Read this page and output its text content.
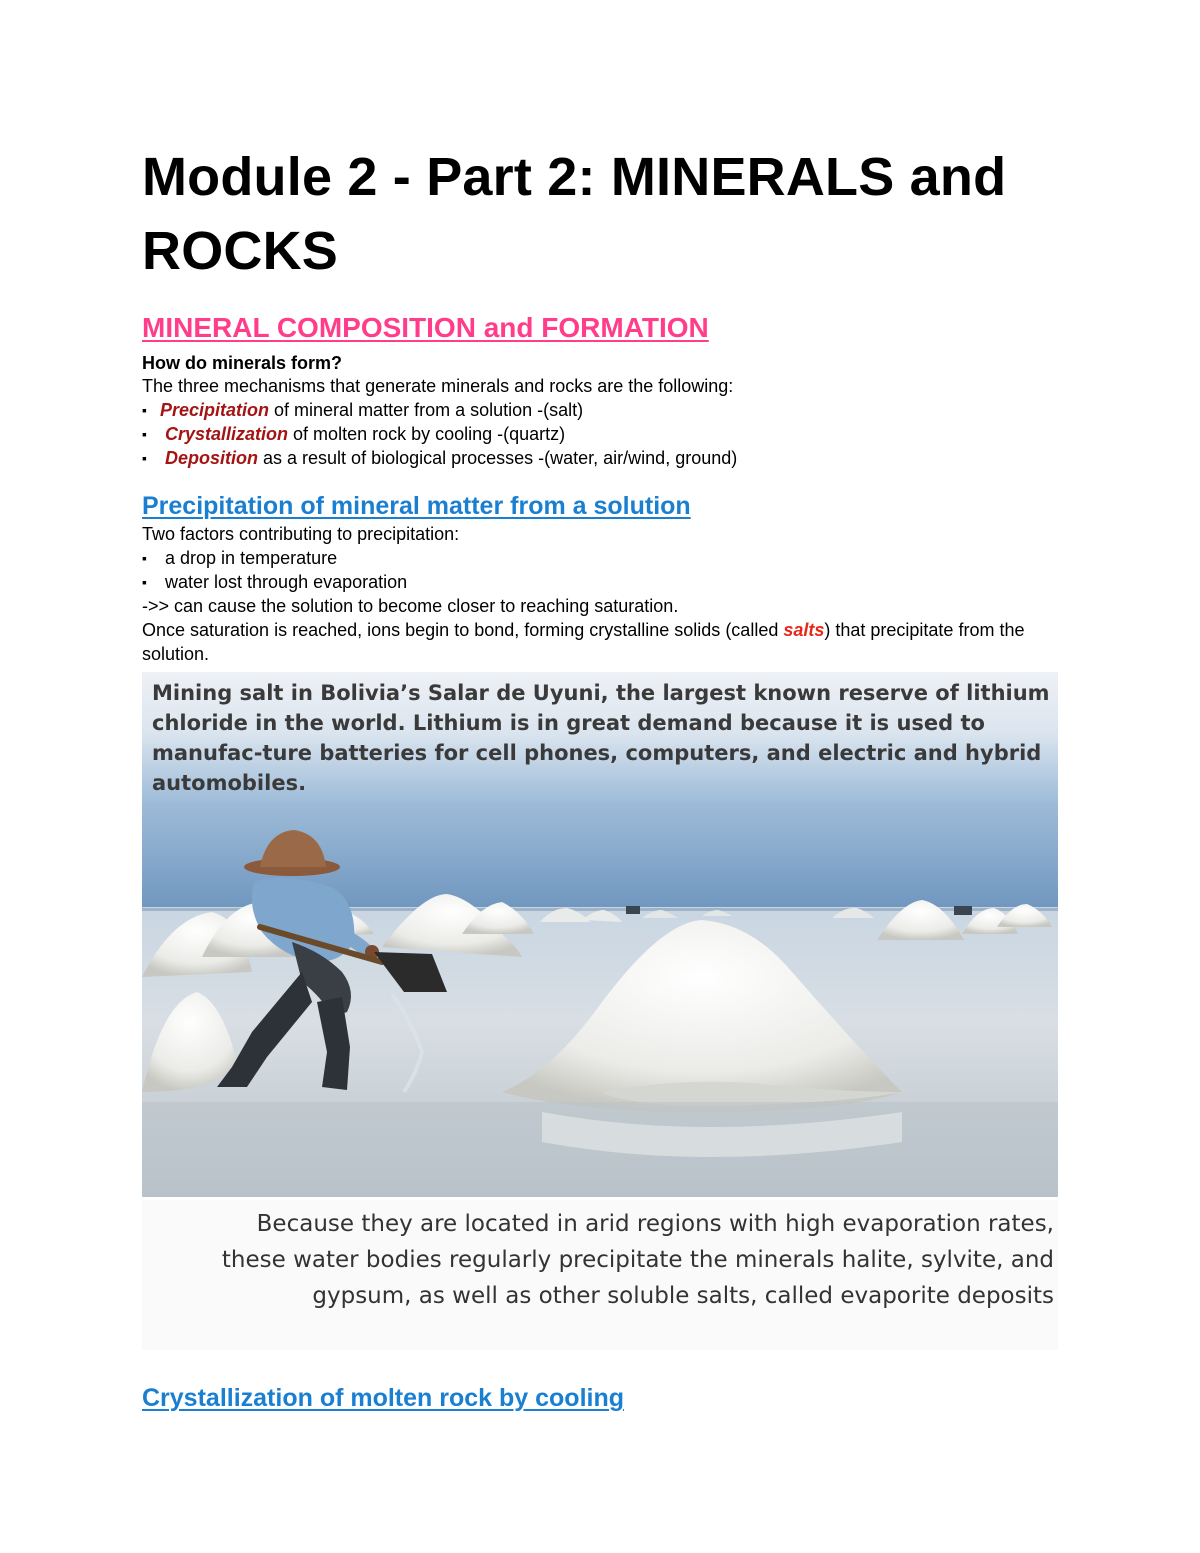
Module 2 - Part 2: MINERALS and ROCKS
MINERAL COMPOSITION and FORMATION

How do minerals form?

The three mechanisms that generate minerals and rocks are the following:

▪ Precipitation of mineral matter from a solution -(salt)
▪ Crystallization of molten rock by cooling -(quartz)
▪ Deposition as a result of biological processes -(water, air/wind, ground)
Precipitation of mineral matter from a solution

Two factors contributing to precipitation:

▪ a drop in temperature
▪ water lost through evaporation

->> can cause the solution to become closer to reaching saturation.

Once saturation is reached, ions begin to bond, forming crystalline solids (called salts) that precipitate from the solution.

Mining salt in Bolivia’s Salar de Uyuni, the largest known reserve of lithium chloride in the world. Lithium is in great demand because it is used to manufac-ture batteries for cell phones, computers, and electric and hybrid automobiles.
Because they are located in arid regions with high evaporation rates, these water bodies regularly precipitate the minerals halite, sylvite, and gypsum, as well as other soluble salts, called evaporite deposits
Crystallization of molten rock by cooling
